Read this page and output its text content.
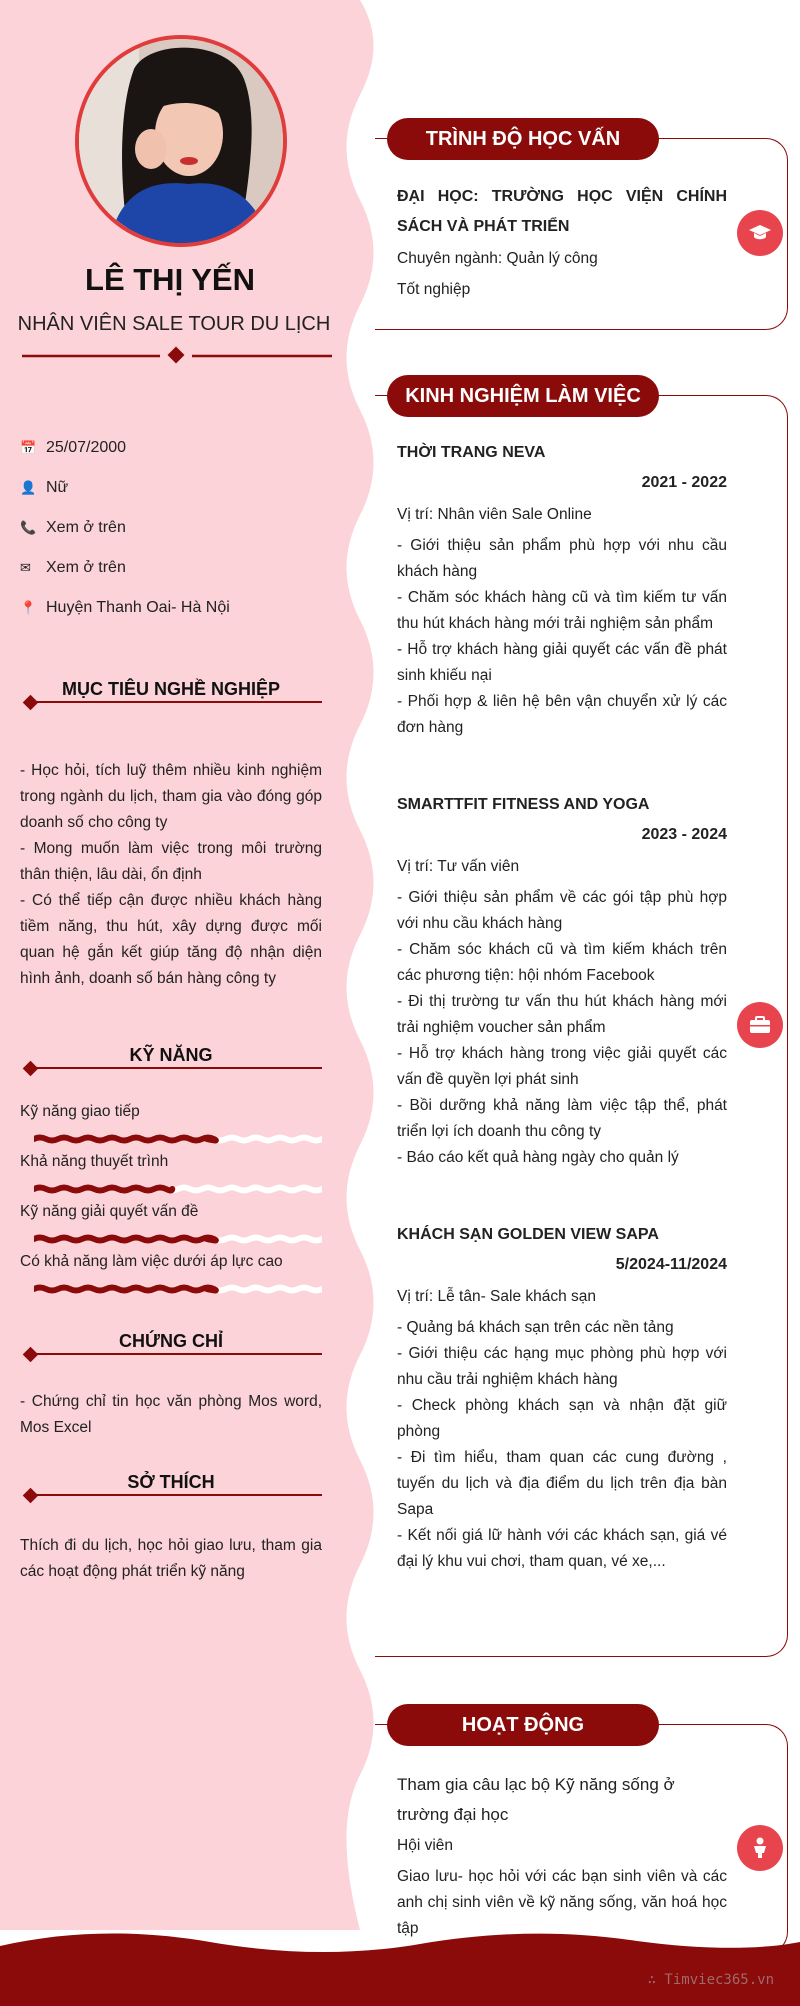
LÊ THỊ YẾN
NHÂN VIÊN SALE TOUR DU LỊCH
📅 25/07/2000
👤 Nữ
📞 Xem ở trên
✉ Xem ở trên
📍 Huyện Thanh Oai- Hà Nội
MỤC TIÊU NGHỀ NGHIỆP
- Học hỏi, tích luỹ thêm nhiều kinh nghiệm trong ngành du lịch, tham gia vào đóng góp doanh số cho công ty
- Mong muốn làm việc trong môi trường thân thiện, lâu dài, ổn định
- Có thể tiếp cận được nhiều khách hàng tiềm năng, thu hút, xây dựng được mối quan hệ gắn kết giúp tăng độ nhận diện hình ảnh, doanh số bán hàng công ty
KỸ NĂNG
Kỹ năng giao tiếp
Khả năng thuyết trình
Kỹ năng giải quyết vấn đề
Có khả năng làm việc dưới áp lực cao
CHỨNG CHỈ
- Chứng chỉ tin học văn phòng Mos word, Mos Excel
SỞ THÍCH
Thích đi du lịch, học hỏi giao lưu, tham gia các hoạt động phát triển kỹ năng
TRÌNH ĐỘ HỌC VẤN
ĐẠI HỌC: TRƯỜNG HỌC VIỆN CHÍNH SÁCH VÀ PHÁT TRIỂN
Chuyên ngành: Quản lý công
Tốt nghiệp
KINH NGHIỆM LÀM VIỆC
THỜI TRANG NEVA
2021 - 2022
Vị trí: Nhân viên Sale Online
- Giới thiệu sản phẩm phù hợp với nhu cầu khách hàng
- Chăm sóc khách hàng cũ và tìm kiếm tư vấn thu hút khách hàng mới trải nghiệm sản phẩm
- Hỗ trợ khách hàng giải quyết các vấn đề phát sinh khiếu nại
- Phối hợp & liên hệ bên vận chuyển xử lý các đơn hàng
SMARTTFIT FITNESS AND YOGA
2023 - 2024
Vị trí: Tư vấn viên
- Giới thiệu sản phẩm về các gói tập phù hợp với nhu cầu khách hàng
- Chăm sóc khách cũ và tìm kiếm khách trên các phương tiện: hội nhóm Facebook
- Đi thị trường tư vấn thu hút khách hàng mới trải nghiệm voucher sản phẩm
- Hỗ trợ khách hàng trong việc giải quyết các vấn đề quyền lợi phát sinh
- Bồi dưỡng khả năng làm việc tập thể, phát triển lợi ích doanh thu công ty
- Báo cáo kết quả hàng ngày cho quản lý
KHÁCH SẠN GOLDEN VIEW SAPA
5/2024-11/2024
Vị trí: Lễ tân- Sale khách sạn
- Quảng bá khách sạn trên các nền tảng
- Giới thiệu các hạng mục phòng phù hợp với nhu cầu trải nghiệm khách hàng
- Check phòng khách sạn và nhận đặt giữ phòng
- Đi tìm hiểu, tham quan các cung đường , tuyến du lịch và địa điểm du lịch trên địa bàn Sapa
- Kết nối giá lữ hành với các khách sạn, giá vé đại lý khu vui chơi, tham quan, vé xe,...
HOẠT ĐỘNG
Tham gia câu lạc bộ Kỹ năng sống ở trường đại học
Hội viên
Giao lưu- học hỏi với các bạn sinh viên và các anh chị sinh viên về kỹ năng sống, văn hoá học tập
∴ Timviec365.vn
